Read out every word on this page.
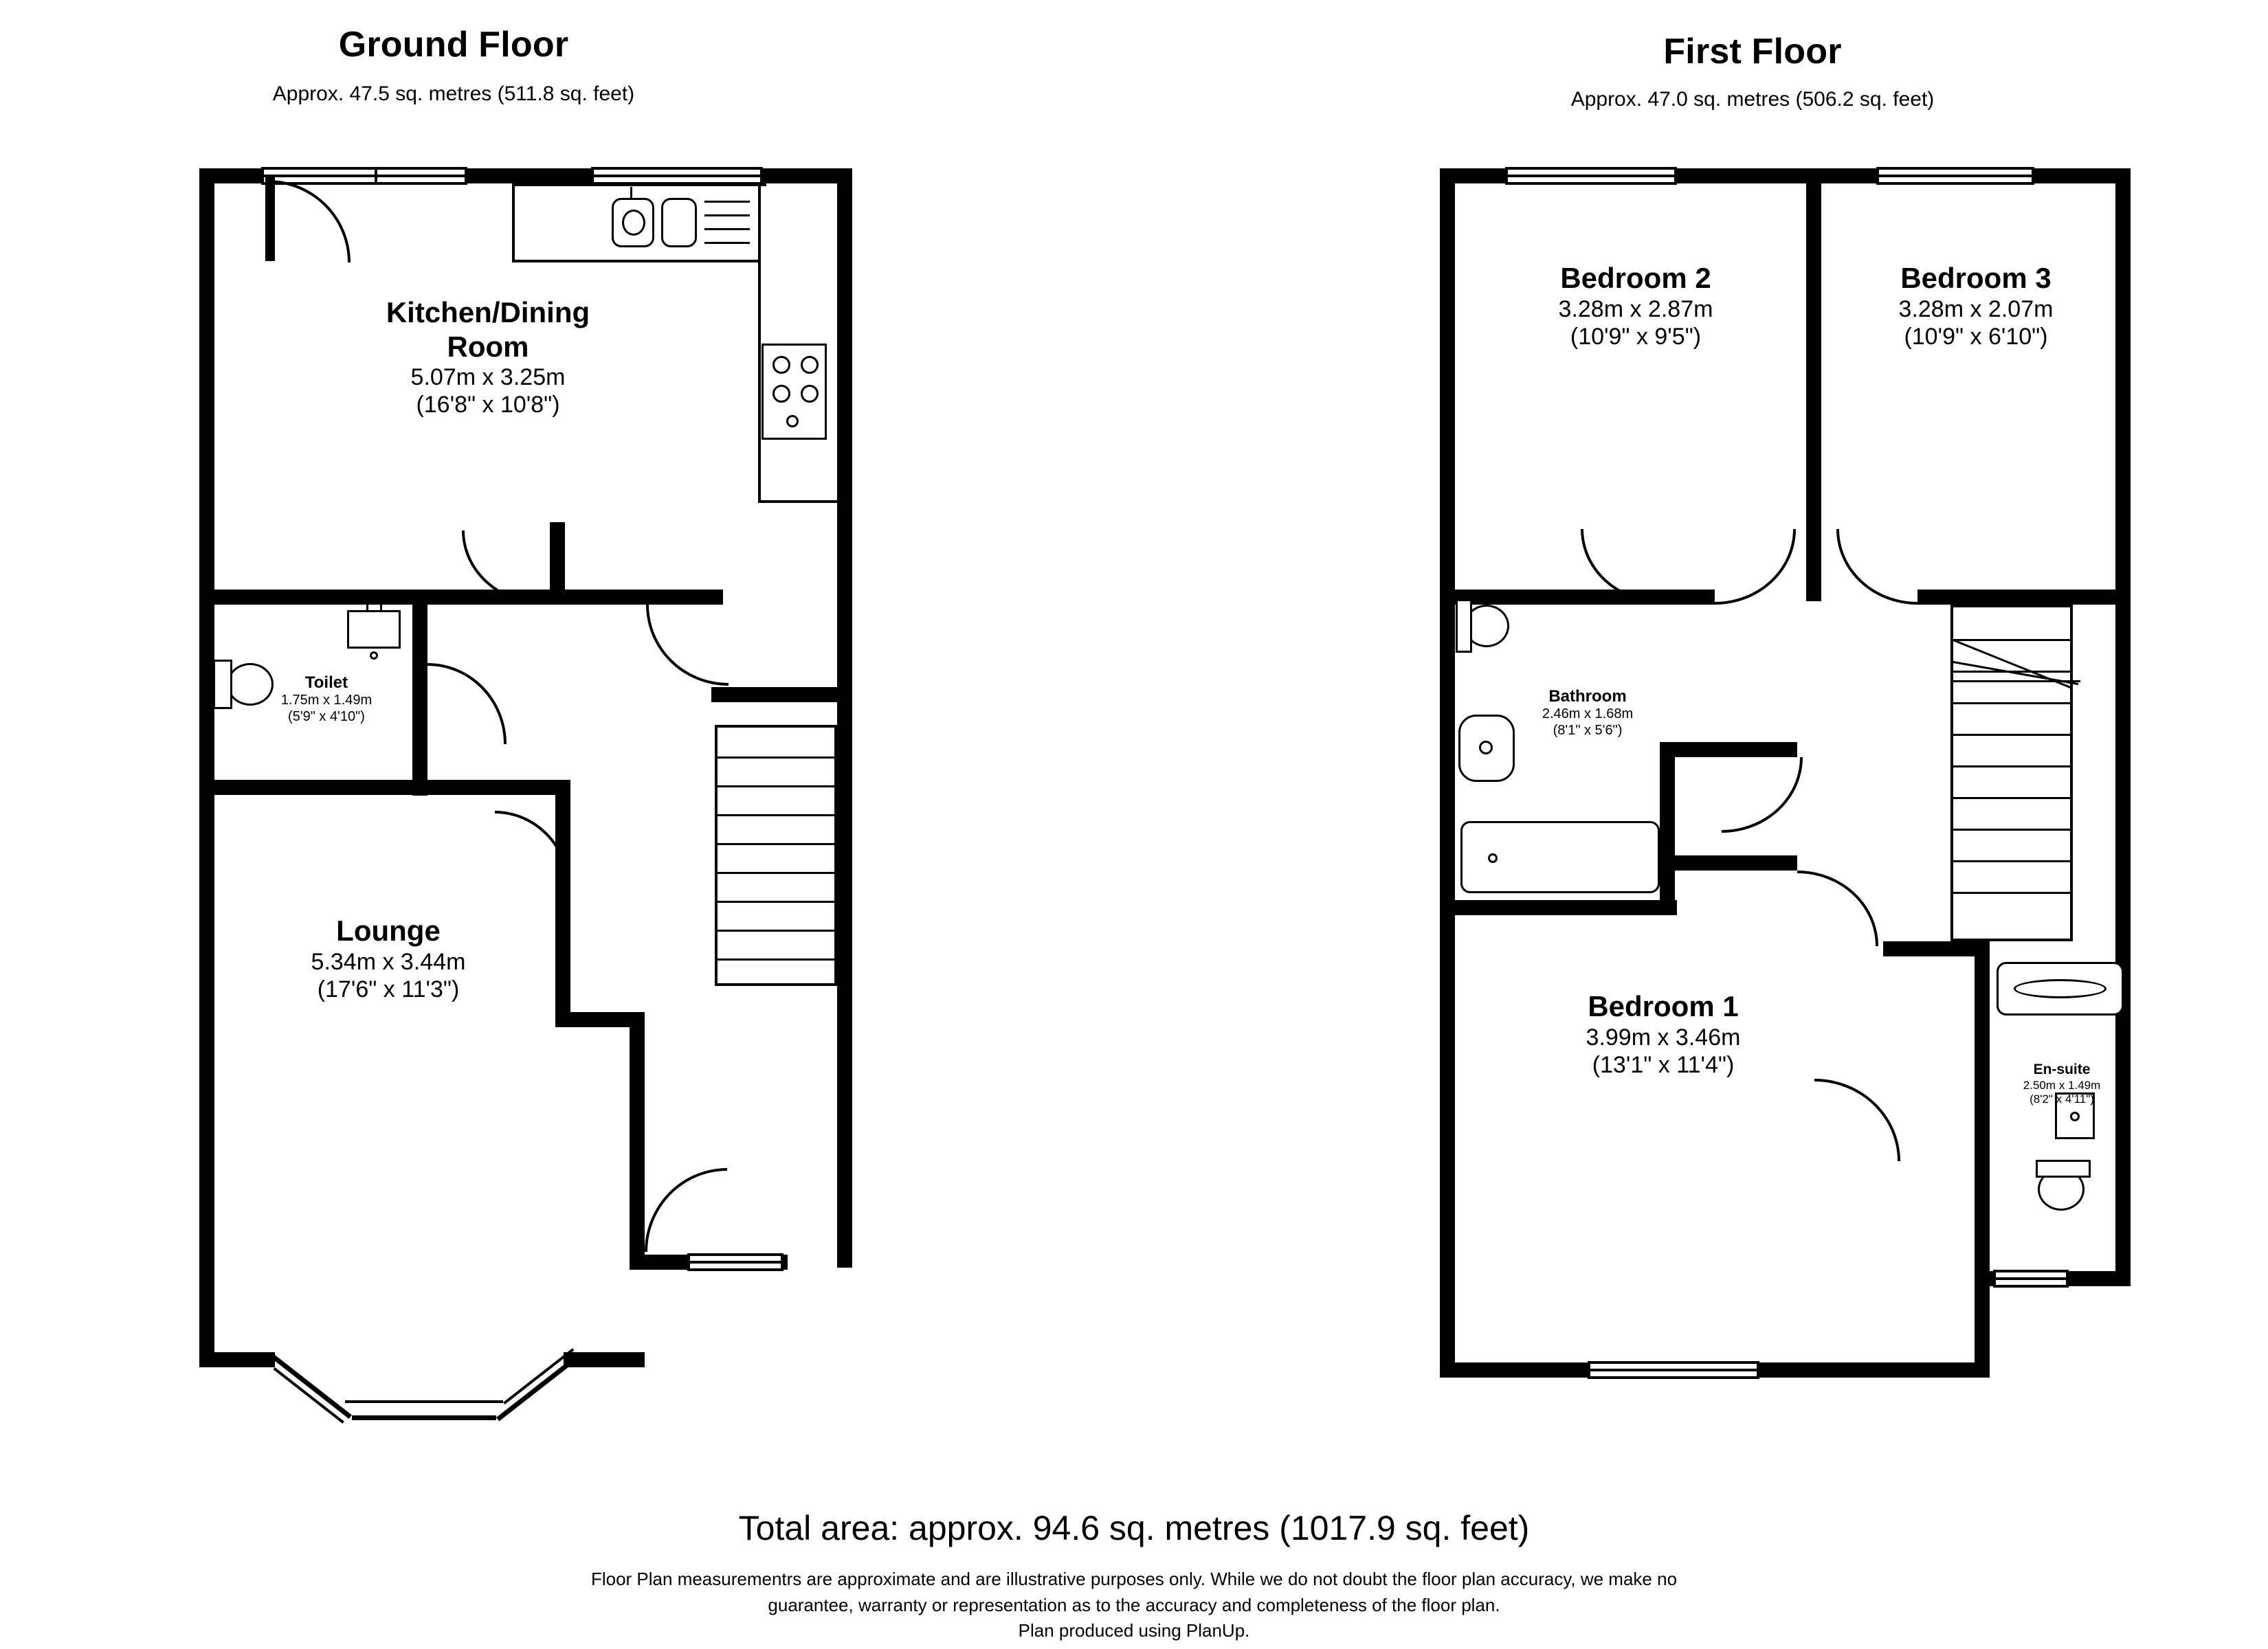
Ground Floor
Approx. 47.5 sq. metres (511.8 sq. feet)
Kitchen/Dining
Room
5.07m x 3.25m
(16'8" x 10'8")
Toilet
1.75m x 1.49m
(5'9" x 4'10")
Lounge
5.34m x 3.44m
(17'6" x 11'3")
First Floor
Approx. 47.0 sq. metres (506.2 sq. feet)
Bedroom 2
3.28m x 2.87m
(10'9" x 9'5")
Bedroom 3
3.28m x 2.07m
(10'9" x 6'10")
Bathroom
2.46m x 1.68m
(8'1" x 5'6")
Bedroom 1
3.99m x 3.46m
(13'1" x 11'4")	En-suite
2.50m x 1.49m
(8'2" x 4'11")
Total area: approx. 94.6 sq. metres (1017.9 sq. feet)
Floor Plan measurementrs are approximate and are illustrative purposes only. While we do not doubt the floor plan accuracy, we make no
guarantee, warranty or representation as to the accuracy and completeness of the floor plan.
Plan produced using PlanUp.
